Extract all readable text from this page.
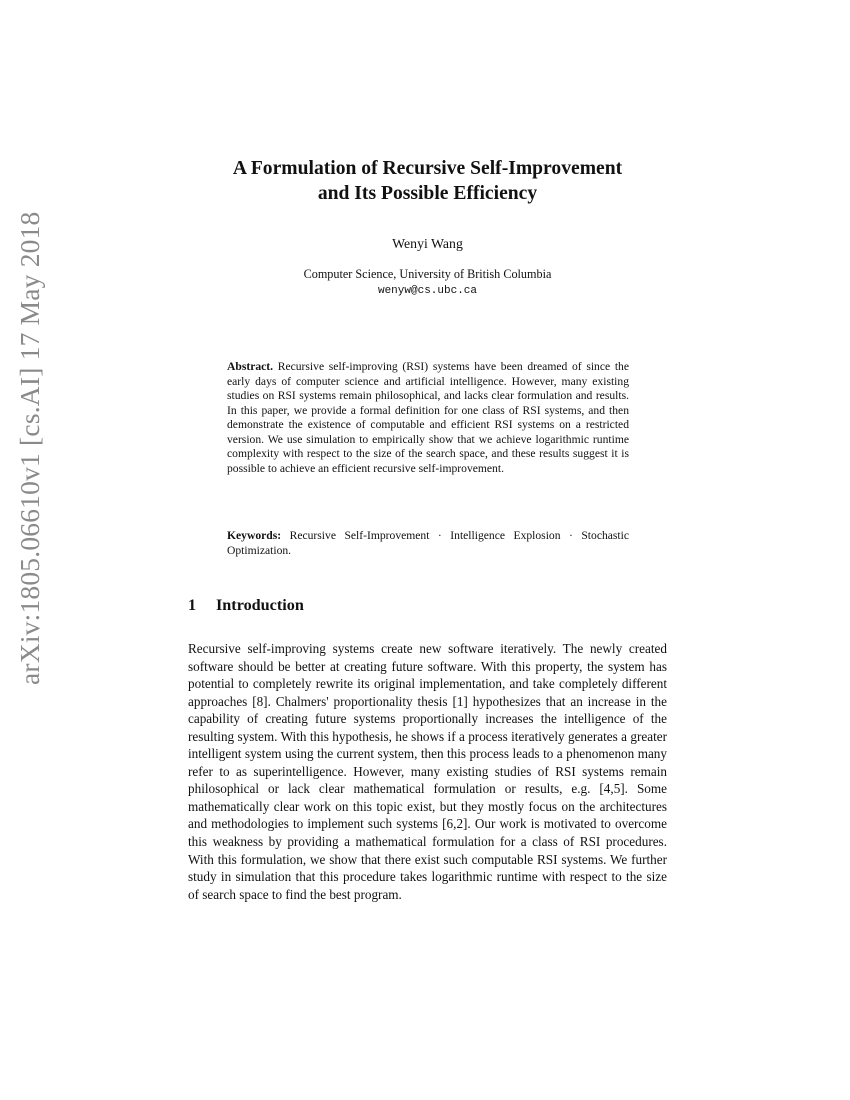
arXiv:1805.06610v1 [cs.AI] 17 May 2018
A Formulation of Recursive Self-Improvement
and Its Possible Efficiency
Wenyi Wang
Computer Science, University of British Columbia
wenyw@cs.ubc.ca

Abstract. Recursive self-improving (RSI) systems have been dreamed of since the early days of computer science and artificial intelligence. However, many existing studies on RSI systems remain philosophical, and lacks clear formulation and results. In this paper, we provide a formal definition for one class of RSI systems, and then demonstrate the existence of computable and efficient RSI systems on a restricted version. We use simulation to empirically show that we achieve logarithmic runtime complexity with respect to the size of the search space, and these results suggest it is possible to achieve an efficient recursive self-improvement.

Keywords: Recursive Self-Improvement · Intelligence Explosion · Stochastic Optimization.

1 Introduction

Recursive self-improving systems create new software iteratively. The newly created software should be better at creating future software. With this property, the system has potential to completely rewrite its original implementation, and take completely different approaches [8]. Chalmers' proportionality thesis [1] hypothesizes that an increase in the capability of creating future systems proportionally increases the intelligence of the resulting system. With this hypothesis, he shows if a process iteratively generates a greater intelligent system using the current system, then this process leads to a phenomenon many refer to as superintelligence. However, many existing studies of RSI systems remain philosophical or lack clear mathematical formulation or results, e.g. [4,5]. Some mathematically clear work on this topic exist, but they mostly focus on the architectures and methodologies to implement such systems [6,2]. Our work is motivated to overcome this weakness by providing a mathematical formulation for a class of RSI procedures. With this formulation, we show that there exist such computable RSI systems. We further study in simulation that this procedure takes logarithmic runtime with respect to the size of search space to find the best program.
